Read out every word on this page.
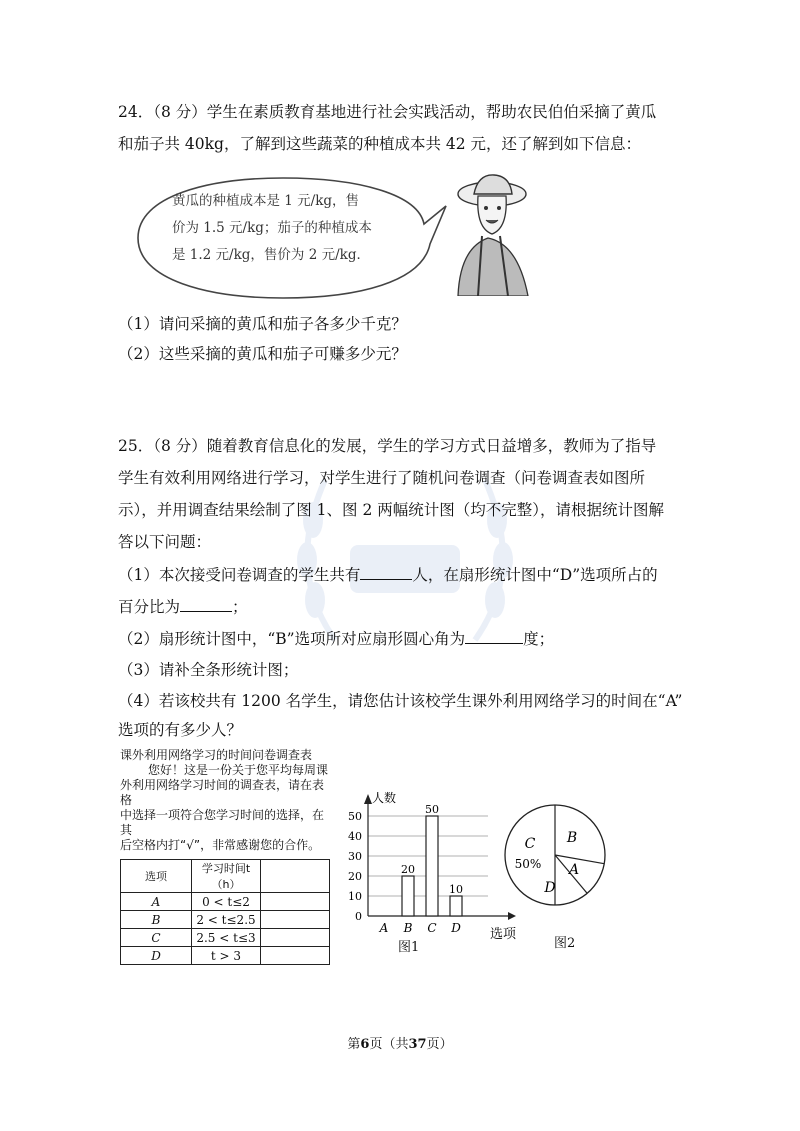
24．（8 分）学生在素质教育基地进行社会实践活动，帮助农民伯伯采摘了黄瓜
和茄子共 40kg，了解到这些蔬菜的种植成本共 42 元，还了解到如下信息：
黄瓜的种植成本是 1 元/kg，售
价为 1.5 元/kg；茄子的种植成本
是 1.2 元/kg，售价为 2 元/kg．
（1）请问采摘的黄瓜和茄子各多少千克？
（2）这些采摘的黄瓜和茄子可赚多少元？
25．（8 分）随着教育信息化的发展，学生的学习方式日益增多，教师为了指导
学生有效利用网络进行学习，对学生进行了随机问卷调查（问卷调查表如图所
示），并用调查结果绘制了图 1、图 2 两幅统计图（均不完整），请根据统计图解
答以下问题：
（1）本次接受问卷调查的学生共有	人，在扇形统计图中“D”选项所占的
百分比为	；
（2）扇形统计图中，“B”选项所对应扇形圆心角为	度；
（3）请补全条形统计图；
（4）若该校共有 1200 名学生，请您估计该校学生课外利用网络学习的时间在“A”
选项的有多少人？
课外利用网络学习的时间问卷调查表
您好！这是一份关于您平均每周课
外利用网络学习时间的调查表，请在表格
中选择一项符合您学习时间的选择，在其
后空格内打“√”，非常感谢您的合作。
选项	学习时间t（h）	
A	0 < t≤2	
B	2 < t≤2.5	
C	2.5 < t≤3	
D	t > 3	
0
10
20
30
40
50
人数
选项
A
20
B
50
C
10
D
图1
C B
A
D
50%
图2
第6页（共37页）
